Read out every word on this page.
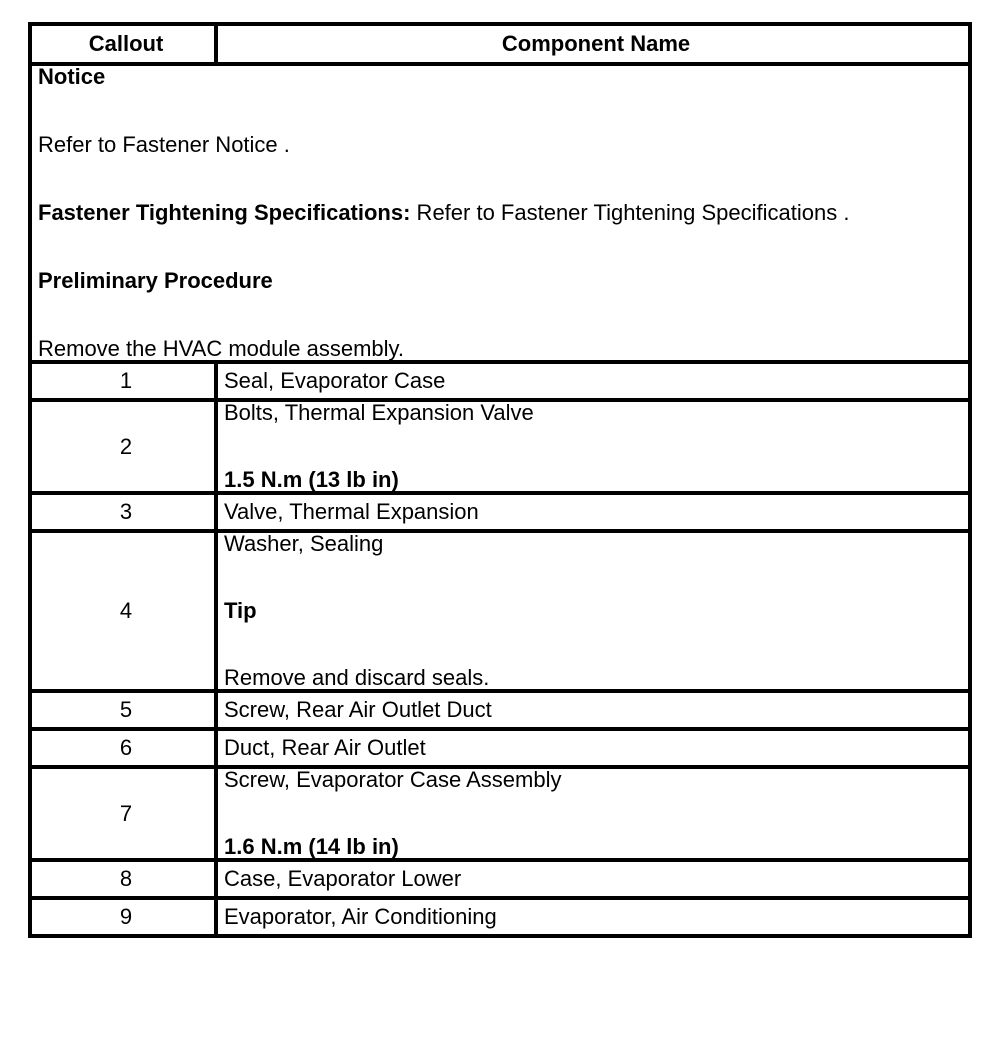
Callout	Component Name

Notice

Refer to Fastener Notice .

Fastener Tightening Specifications: Refer to Fastener Tightening Specifications .

Preliminary Procedure

Remove the HVAC module assembly.	

1	Seal, Evaporator Case
2	Bolts, Thermal Expansion Valve

1.5 N.m (13 lb in)

3	Valve, Thermal Expansion
4	Washer, Sealing

Tip

Remove and discard seals.

5	Screw, Rear Air Outlet Duct
6	Duct, Rear Air Outlet
7	Screw, Evaporator Case Assembly

1.6 N.m (14 lb in)

8	Case, Evaporator Lower
9	Evaporator, Air Conditioning
